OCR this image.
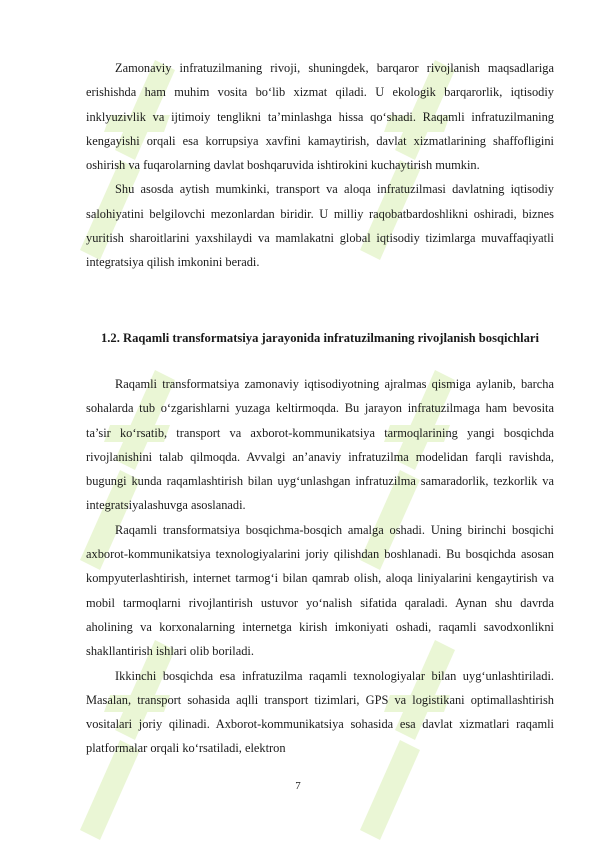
Zamonaviy infratuzilmaning rivoji, shuningdek, barqaror rivojlanish maqsadlariga erishishda ham muhim vosita bo‘lib xizmat qiladi. U ekologik barqarorlik, iqtisodiy inklyuzivlik va ijtimoiy tenglikni ta’minlashga hissa qo‘shadi. Raqamli infratuzilmaning kengayishi orqali esa korrupsiya xavfini kamaytirish, davlat xizmatlarining shaffofligini oshirish va fuqarolarning davlat boshqaruvida ishtirokini kuchaytirish mumkin.

Shu asosda aytish mumkinki, transport va aloqa infratuzilmasi davlatning iqtisodiy salohiyatini belgilovchi mezonlardan biridir. U milliy raqobatbardoshlikni oshiradi, biznes yuritish sharoitlarini yaxshilaydi va mamlakatni global iqtisodiy tizimlarga muvaffaqiyatli integratsiya qilish imkonini beradi.

1.2. Raqamli transformatsiya jarayonida infratuzilmaning rivojlanish bosqichlari

Raqamli transformatsiya zamonaviy iqtisodiyotning ajralmas qismiga aylanib, barcha sohalarda tub o‘zgarishlarni yuzaga keltirmoqda. Bu jarayon infratuzilmaga ham bevosita ta’sir ko‘rsatib, transport va axborot-kommunikatsiya tarmoqlarining yangi bosqichda rivojlanishini talab qilmoqda. Avvalgi an’anaviy infratuzilma modelidan farqli ravishda, bugungi kunda raqamlashtirish bilan uyg‘unlashgan infratuzilma samaradorlik, tezkorlik va integratsiyalashuvga asoslanadi.

Raqamli transformatsiya bosqichma-bosqich amalga oshadi. Uning birinchi bosqichi axborot-kommunikatsiya texnologiyalarini joriy qilishdan boshlanadi. Bu bosqichda asosan kompyuterlashtirish, internet tarmog‘i bilan qamrab olish, aloqa liniyalarini kengaytirish va mobil tarmoqlarni rivojlantirish ustuvor yo‘nalish sifatida qaraladi. Aynan shu davrda aholining va korxonalarning internetga kirish imkoniyati oshadi, raqamli savodxonlikni shakllantirish ishlari olib boriladi.

Ikkinchi bosqichda esa infratuzilma raqamli texnologiyalar bilan uyg‘unlashtiriladi. Masalan, transport sohasida aqlli transport tizimlari, GPS va logistikani optimallashtirish vositalari joriy qilinadi. Axborot-kommunikatsiya sohasida esa davlat xizmatlari raqamli platformalar orqali ko‘rsatiladi, elektron

7
